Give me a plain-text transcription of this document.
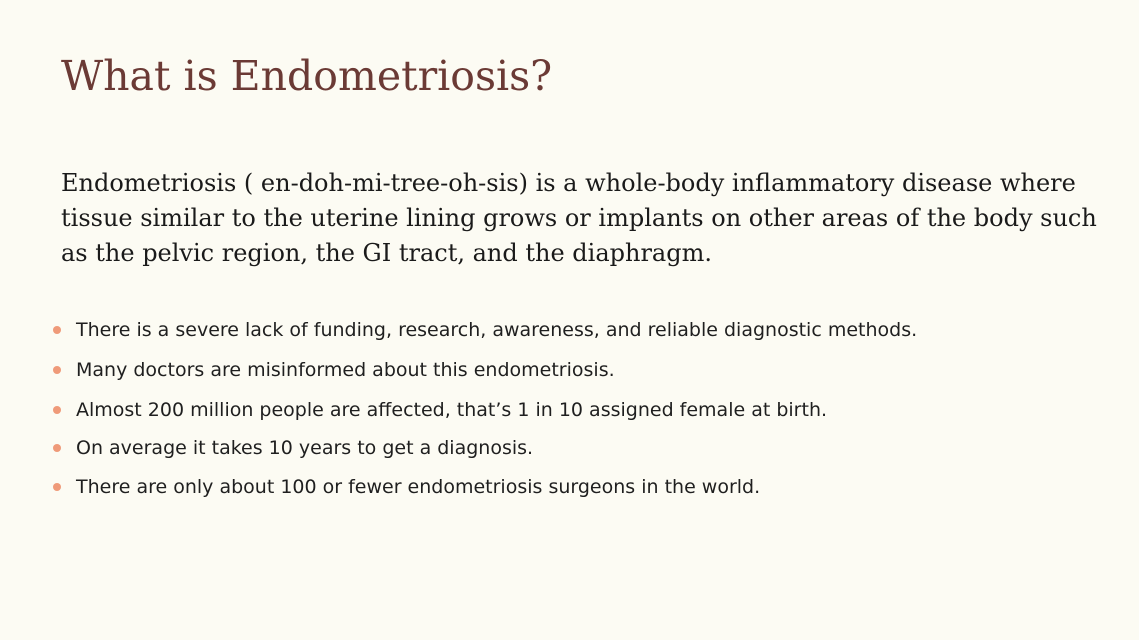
What is Endometriosis?

Endometriosis ( en-doh-mi-tree-oh-sis) is a whole-body inflammatory disease where tissue similar to the uterine lining grows or implants on other areas of the body such as the pelvic region, the GI tract, and the diaphragm.

There is a severe lack of funding, research, awareness, and reliable diagnostic methods.
Many doctors are misinformed about this endometriosis.
Almost 200 million people are affected, that’s 1 in 10 assigned female at birth.
On average it takes 10 years to get a diagnosis.
There are only about 100 or fewer endometriosis surgeons in the world.
